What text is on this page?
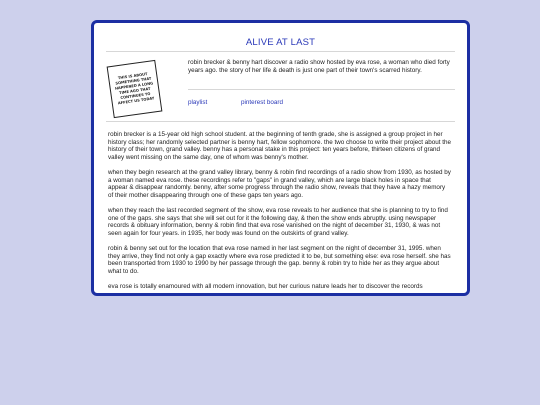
ALIVE AT LAST
THIS IS ABOUT SOMETHING THAT HAPPENED A LONG TIME AGO THAT CONTINUES TO AFFECT US TODAY
robin brecker & benny hart discover a radio show hosted by eva rose, a woman who died forty years ago. the story of her life & death is just one part of their town's scarred history.
playlist	pinterest board

robin brecker is a 15-year old high school student. at the beginning of tenth grade, she is assigned a group project in her history class; her randomly selected partner is benny hart, fellow sophomore. the two choose to write their project about the history of their town, grand valley. benny has a personal stake in this project: ten years before, thirteen citizens of grand valley went missing on the same day, one of whom was benny's mother.

when they begin research at the grand valley library, benny & robin find recordings of a radio show from 1930, as hosted by a woman named eva rose. these recordings refer to "gaps" in grand valley, which are large black holes in space that appear & disappear randomly. benny, after some progress through the radio show, reveals that they have a hazy memory of their mother disappearing through one of these gaps ten years ago.

when they reach the last recorded segment of the show, eva rose reveals to her audience that she is planning to try to find one of the gaps. she says that she will set out for it the following day, & then the show ends abruptly. using newspaper records & obituary information, benny & robin find that eva rose vanished on the night of december 31, 1930, & was not seen again for four years. in 1935, her body was found on the outskirts of grand valley.

robin & benny set out for the location that eva rose named in her last segment on the night of december 31, 1995. when they arrive, they find not only a gap exactly where eva rose predicted it to be, but something else: eva rose herself. she has been transported from 1930 to 1990 by her passage through the gap. benny & robin try to hide her as they argue about what to do.

eva rose is totally enamoured with all modern innovation, but her curious nature leads her to discover the records
